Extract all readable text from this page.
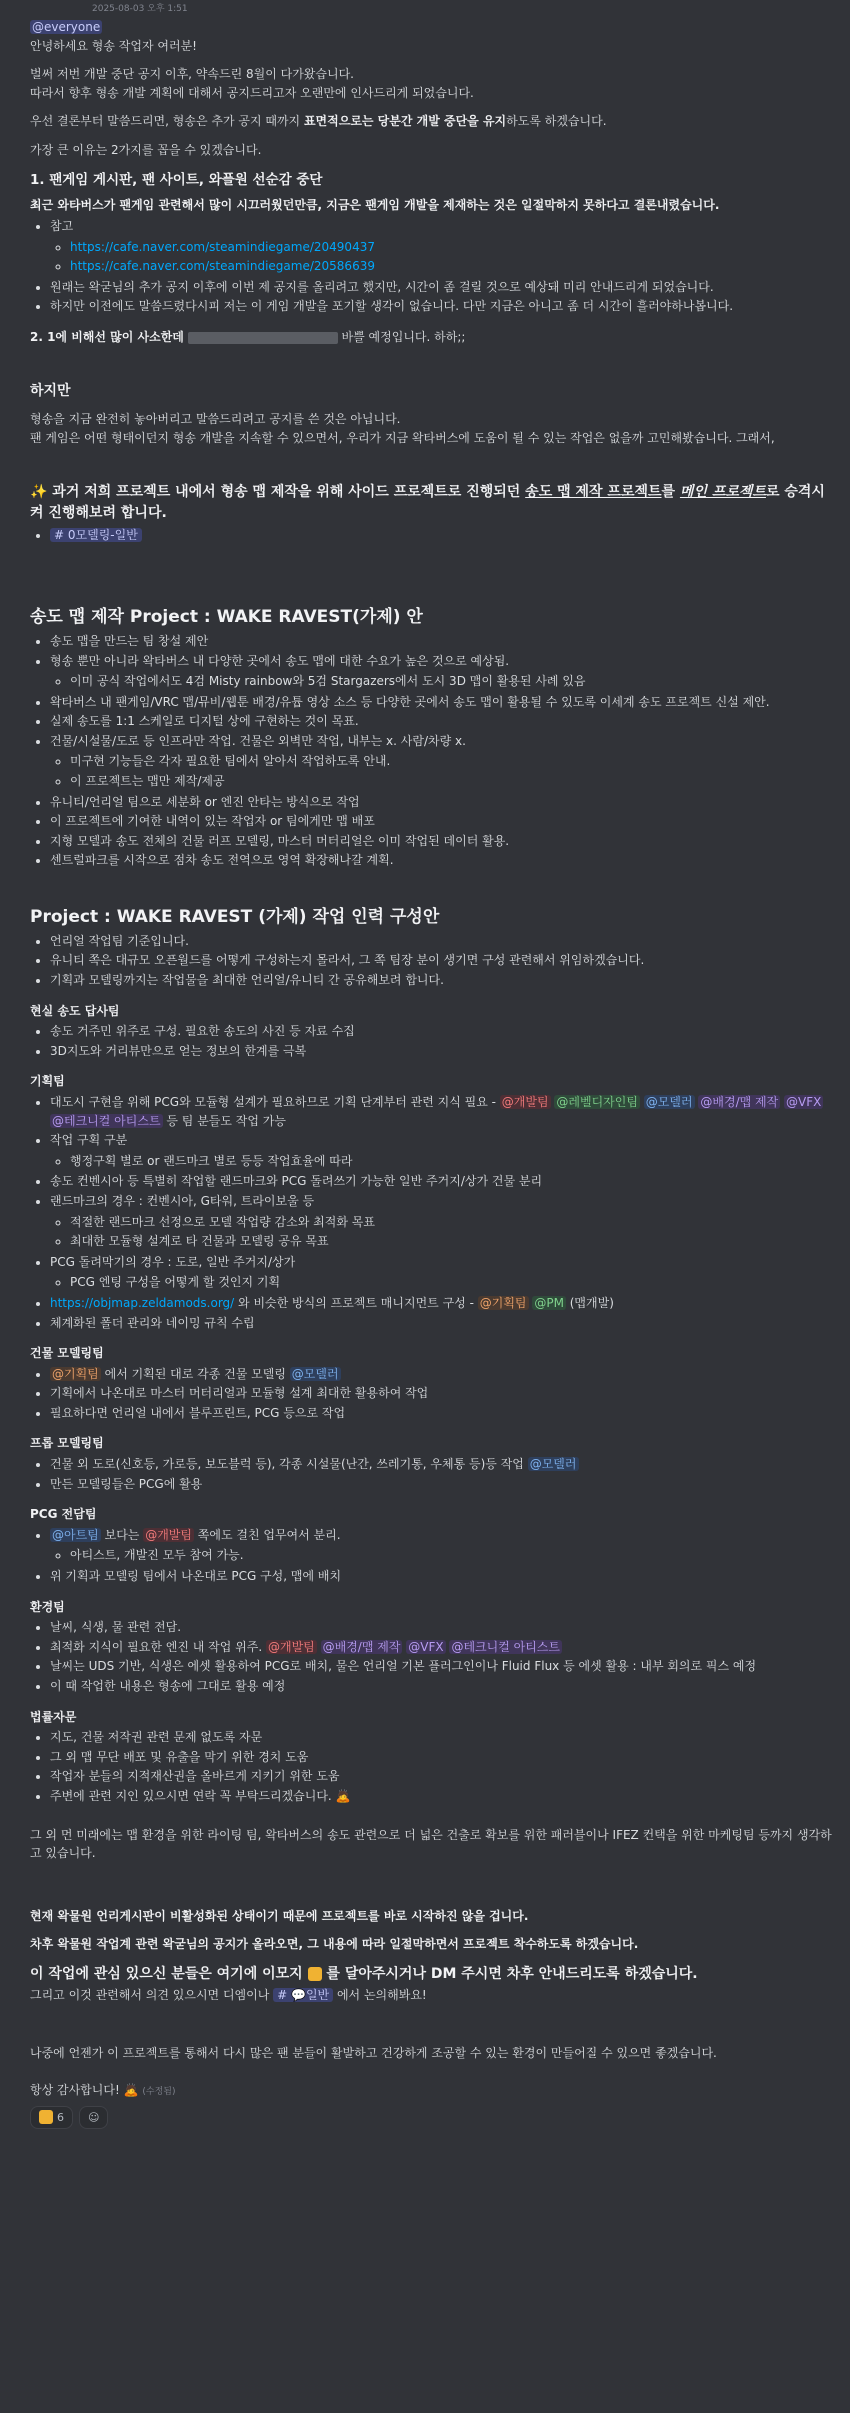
2025-08-03 오후 1:51

@everyone

안녕하세요 형송 작업자 여러분!

벌써 저번 개발 중단 공지 이후, 약속드린 8월이 다가왔습니다.

따라서 향후 형송 개발 계획에 대해서 공지드리고자 오랜만에 인사드리게 되었습니다.

우선 결론부터 말씀드리면, 형송은 추가 공지 때까지 표면적으로는 당분간 개발 중단을 유지하도록 하겠습니다.

가장 큰 이유는 2가지를 꼽을 수 있겠습니다.

1. 팬게임 게시판, 팬 사이트, 와플원 선순감 중단

최근 와타버스가 팬게임 관련해서 많이 시끄러웠던만큼, 지금은 팬게임 개발을 제재하는 것은 일절막하지 못하다고 결론내렸습니다.

• 참고
◦ https://cafe.naver.com/steamindiegame/20490437
◦ https://cafe.naver.com/steamindiegame/20586639
• 원래는 왁굳님의 추가 공지 이후에 이번 제 공지를 올리려고 했지만, 시간이 좀 걸릴 것으로 예상돼 미리 안내드리게 되었습니다.
• 하지만 이전에도 말씀드렸다시피 저는 이 게임 개발을 포기할 생각이 없습니다. 다만 지금은 아니고 좀 더 시간이 흘러야하나봅니다.

2. 1에 비해선 많이 사소한데	바쁠 예정입니다. 하하;;

하지만

형송을 지금 완전히 놓아버리고 말씀드리려고 공지를 쓴 것은 아닙니다.

팬 게임은 어떤 형태이던지 형송 개발을 지속할 수 있으면서, 우리가 지금 왁타버스에 도움이 될 수 있는 작업은 없을까 고민해봤습니다. 그래서,

✨ 과거 저희 프로젝트 내에서 형송 맵 제작을 위해 사이드 프로젝트로 진행되던 송도 맵 제작 프로젝트를 메인 프로젝트로 승격시켜 진행해보려 합니다.

• # 0모델링-일반
송도 맵 제작 Project : WAKE RAVEST(가제) 안
• 송도 맵을 만드는 팀 창설 제안
• 형송 뿐만 아니라 왁타버스 내 다양한 곳에서 송도 맵에 대한 수요가 높은 것으로 예상됨.
◦ 이미 공식 작업에서도 4검 Misty rainbow와 5검 Stargazers에서 도시 3D 맵이 활용된 사례 있음
• 왁타버스 내 팬게임/VRC 맵/뮤비/웹툰 배경/유튭 영상 소스 등 다양한 곳에서 송도 맵이 활용될 수 있도록 이세계 송도 프로젝트 신설 제안.
• 실제 송도를 1:1 스케일로 디지털 상에 구현하는 것이 목표.
• 건물/시설물/도로 등 인프라만 작업. 건물은 외벽만 작업, 내부는 x. 사람/차량 x.
◦ 미구현 기능들은 각자 필요한 팀에서 알아서 작업하도록 안내.
◦ 이 프로젝트는 맵만 제작/제공
• 유니티/언리얼 팀으로 세분화 or 엔진 안타는 방식으로 작업
• 이 프로젝트에 기여한 내역이 있는 작업자 or 팀에게만 맵 배포
• 지형 모델과 송도 전체의 건물 러프 모델링, 마스터 머터리얼은 이미 작업된 데이터 활용.
• 센트럴파크를 시작으로 점차 송도 전역으로 영역 확장해나갈 계획.
Project : WAKE RAVEST (가제) 작업 인력 구성안
• 언리얼 작업팀 기준입니다.
• 유니티 쪽은 대규모 오픈월드를 어떻게 구성하는지 몰라서, 그 쪽 팀장 분이 생기면 구성 관련해서 위임하겠습니다.
• 기획과 모델링까지는 작업물을 최대한 언리얼/유니티 간 공유해보려 합니다.
현실 송도 답사팀
• 송도 거주민 위주로 구성. 필요한 송도의 사진 등 자료 수집
• 3D지도와 거리뷰만으로 얻는 정보의 한계를 극복
기획팀
• 대도시 구현을 위해 PCG와 모듈형 설계가 필요하므로 기획 단계부터 관련 지식 필요 - @개발팀 @레벨디자인팀 @모델러 @배경/맵 제작 @VFX @테크니컬 아티스트 등 팀 분들도 작업 가능
• 작업 구획 구분
◦ 행정구획 별로 or 랜드마크 별로 등등 작업효율에 따라
• 송도 컨벤시아 등 특별히 작업할 랜드마크와 PCG 돌려쓰기 가능한 일반 주거지/상가 건물 분리
• 랜드마크의 경우 : 컨벤시아, G타워, 트라이보울 등
◦ 적절한 랜드마크 선정으로 모델 작업량 감소와 최적화 목표
◦ 최대한 모듈형 설계로 타 건물과 모델링 공유 목표
• PCG 돌려막기의 경우 : 도로, 일반 주거지/상가
◦ PCG 엔팅 구성을 어떻게 할 것인지 기획
• https://objmap.zeldamods.org/ 와 비슷한 방식의 프로젝트 매니지먼트 구성 - @기획팀 @PM (맵개발)
• 체계화된 폴더 관리와 네이밍 규칙 수립
건물 모델링팀
• @기획팀 에서 기획된 대로 각종 건물 모델링 @모델러
• 기획에서 나온대로 마스터 머터리얼과 모듈형 설계 최대한 활용하여 작업
• 필요하다면 언리얼 내에서 블루프린트, PCG 등으로 작업
프롭 모델링팀
• 건물 외 도로(신호등, 가로등, 보도블럭 등), 각종 시설물(난간, 쓰레기통, 우체통 등)등 작업 @모델러
• 만든 모델링들은 PCG에 활용
PCG 전담팀
• @아트팀 보다는 @개발팀 쪽에도 걸친 업무여서 분리.
◦ 아티스트, 개발진 모두 참여 가능.
• 위 기획과 모델링 팀에서 나온대로 PCG 구성, 맵에 배치
환경팀
• 날씨, 식생, 물 관련 전담.
• 최적화 지식이 필요한 엔진 내 작업 위주. @개발팀 @배경/맵 제작 @VFX @테크니컬 아티스트
• 날씨는 UDS 기반, 식생은 에셋 활용하여 PCG로 배치, 물은 언리얼 기본 플러그인이나 Fluid Flux 등 에셋 활용 : 내부 회의로 픽스 예정
• 이 때 작업한 내용은 형송에 그대로 활용 예정
법률자문
• 지도, 건물 저작권 관련 문제 없도록 자문
• 그 외 맵 무단 배포 및 유출을 막기 위한 경치 도움
• 작업자 분들의 지적재산권을 올바르게 지키기 위한 도움
• 주변에 관련 지인 있으시면 연락 꼭 부탁드리겠습니다. 🙇

그 외 먼 미래에는 맵 환경을 위한 라이팅 팀, 왁타버스의 송도 관련으로 더 넓은 건출로 확보를 위한 패러블이나 IFEZ 컨택을 위한 마케팅팀 등까지 생각하고 있습니다.

현재 왁물원 언리게시판이 비활성화된 상태이기 때문에 프로젝트를 바로 시작하진 않을 겁니다.

차후 왁물원 작업계 관련 왁굳님의 공지가 올라오면, 그 내용에 따라 일절막하면서 프로젝트 착수하도록 하겠습니다.

이 작업에 관심 있으신 분들은 여기에 이모지  를 달아주시거나 DM 주시면 차후 안내드리도록 하겠습니다.

그리고 이것 관련해서 의견 있으시면 디엠이나 # 💬일반 에서 논의해봐요!

나중에 언젠가 이 프로젝트를 통해서 다시 많은 팬 분들이 활발하고 건강하게 조공할 수 있는 환경이 만들어질 수 있으면 좋겠습니다.

항상 감사합니다! 🙇 (수정됨)

6 ☺
